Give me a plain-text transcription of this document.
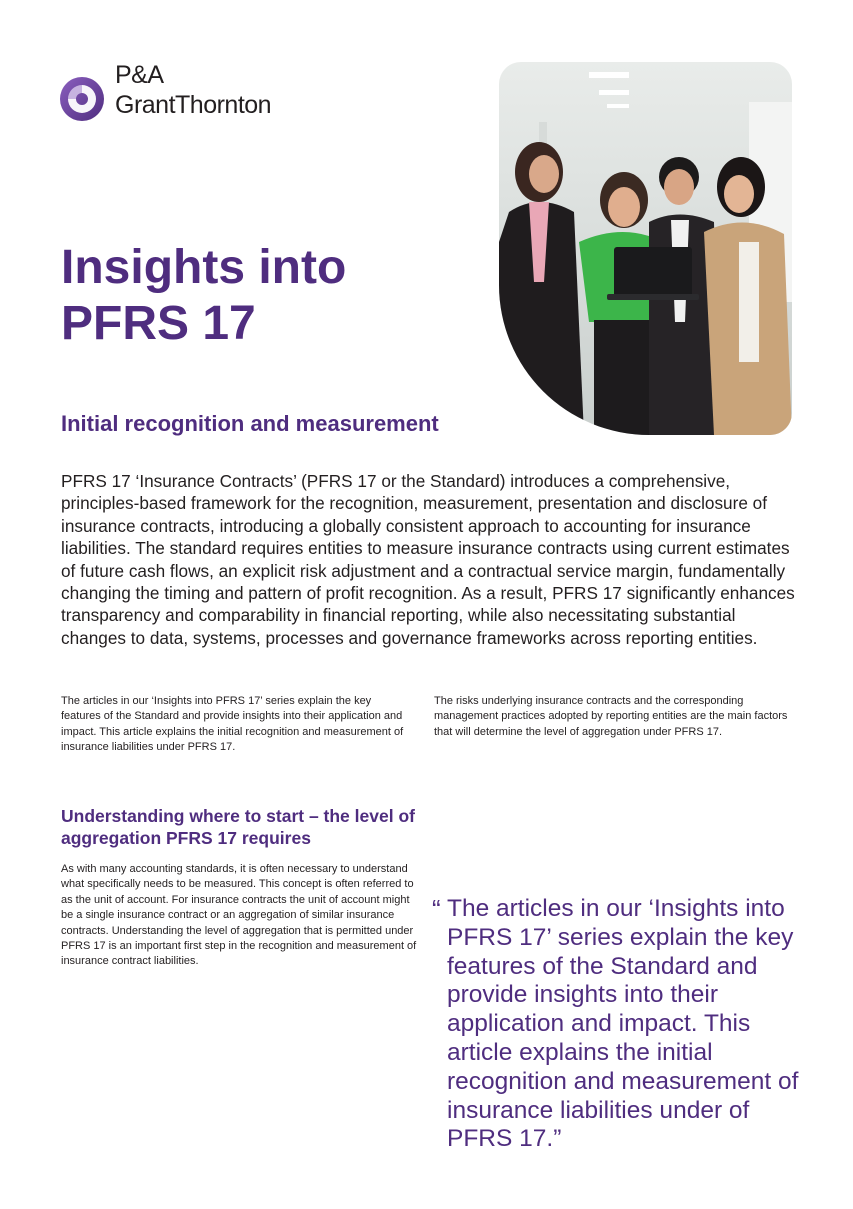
P&A
GrantThornton
Insights into PFRS 17
Initial recognition and measurement

PFRS 17 ‘Insurance Contracts’ (PFRS 17 or the Standard) introduces a comprehensive, principles-based framework for the recognition, measurement, presentation and disclosure of insurance contracts, introducing a globally consistent approach to accounting for insurance liabilities. The standard requires entities to measure insurance contracts using current estimates of future cash flows, an explicit risk adjustment and a contractual service margin, fundamentally changing the timing and pattern of profit recognition. As a result, PFRS 17 significantly enhances transparency and comparability in financial reporting, while also necessitating substantial changes to data, systems, processes and governance frameworks across reporting entities.

The articles in our ‘Insights into PFRS 17’ series explain the key features of the Standard and provide insights into their application and impact. This article explains the initial recognition and measurement of insurance liabilities under PFRS 17.

Understanding where to start – the level of aggregation PFRS 17 requires

As with many accounting standards, it is often necessary to understand what specifically needs to be measured. This concept is often referred to as the unit of account. For insurance contracts the unit of account might be a single insurance contract or an aggregation of similar insurance contracts. Understanding the level of aggregation that is permitted under PFRS 17 is an important first step in the recognition and measurement of insurance contract liabilities.

The risks underlying insurance contracts and the corresponding management practices adopted by reporting entities are the main factors that will determine the level of aggregation under PFRS 17.

“ The articles in our ‘Insights into PFRS 17’ series explain the key features of the Standard and provide insights into their application and impact. This article explains the initial recognition and measurement of insurance liabilities under of PFRS 17.”
